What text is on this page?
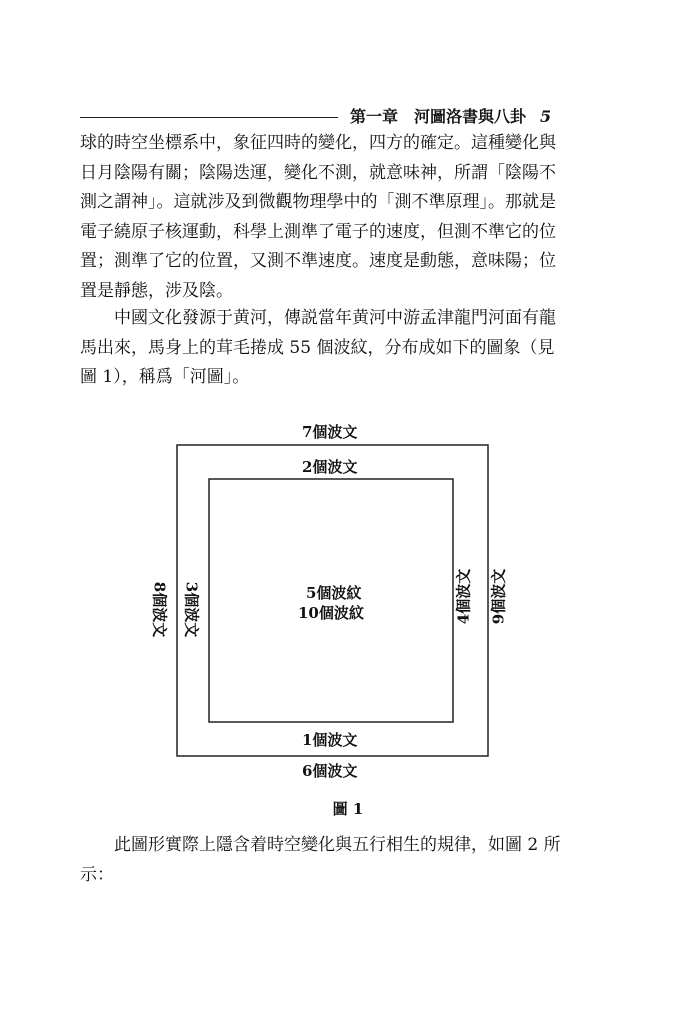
第一章　河圖洛書與八卦 5
球的時空坐標系中，象征四時的變化，四方的確定。這種變化與
日月陰陽有關；陰陽迭運，變化不測，就意味神，所謂「陰陽不
測之謂神」。這就涉及到微觀物理學中的「測不準原理」。那就是
電子繞原子核運動，科學上測準了電子的速度，但測不準它的位
置；測準了它的位置，又測不準速度。速度是動態，意味陽；位
置是靜態，涉及陰。
　　中國文化發源于黄河，傳説當年黄河中游孟津龍門河面有龍
馬出來，馬身上的茸毛捲成 55 個波紋，分布成如下的圖象（見
圖 1），稱爲「河圖」。
7個波文
2個波文
5個波紋
10個波紋
1個波文
6個波文
8個波文 3個波文	4個波文 9個波文
圖 1
　　此圖形實際上隱含着時空變化與五行相生的規律，如圖 2 所
示：
